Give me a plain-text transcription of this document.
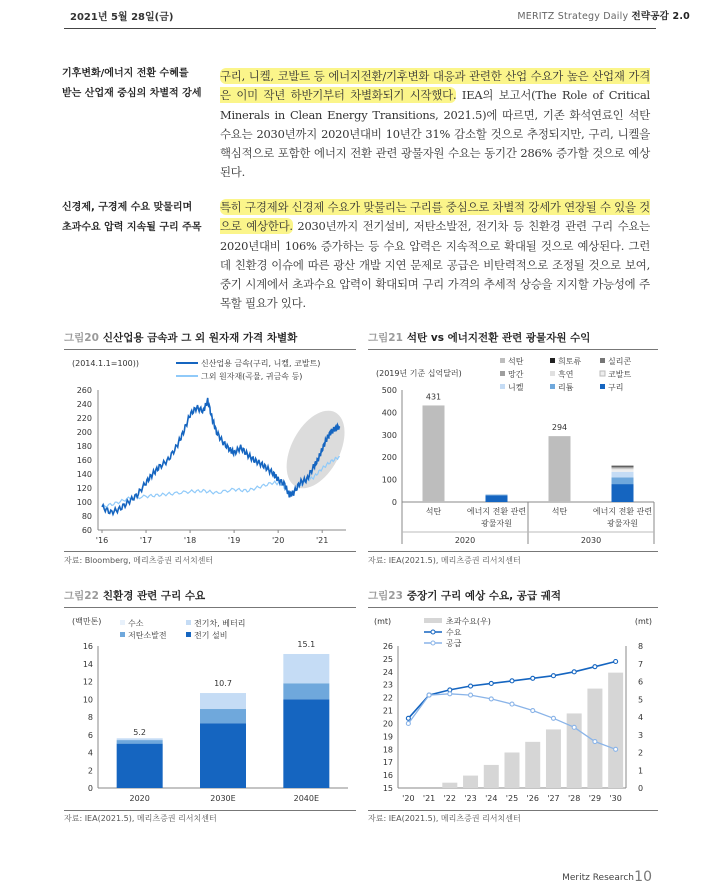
2021년 5월 28일(금)	MERITZ Strategy Daily 전략공감 2.0
기후변화/에너지 전환 수혜를
받는 산업재 중심의 차별적 강세
구리, 니켈, 코발트 등 에너지전환/기후변화 대응과 관련한 산업 수요가 높은 산업재 가격은 이미 작년 하반기부터 차별화되기 시작했다. IEA의 보고서(The Role of Critical Minerals in Clean Energy Transitions, 2021.5)에 따르면, 기존 화석연료인 석탄 수요는 2030년까지 2020년대비 10년간 31% 감소할 것으로 추정되지만, 구리, 니켈을 핵심적으로 포함한 에너지 전환 관련 광물자원 수요는 동기간 286% 증가할 것으로 예상된다.
신경제, 구경제 수요 맞물리며
초과수요 압력 지속될 구리 주목
특히 구경제와 신경제 수요가 맞물리는 구리를 중심으로 차별적 강세가 연장될 수 있을 것으로 예상한다. 2030년까지 전기설비, 저탄소발전, 전기차 등 친환경 관련 구리 수요는 2020년대비 106% 증가하는 등 수요 압력은 지속적으로 확대될 것으로 예상된다. 그런데 친환경 이슈에 따른 광산 개발 지연 문제로 공급은 비탄력적으로 조정될 것으로 보여, 중기 시계에서 초과수요 압력이 확대되며 구리 가격의 추세적 상승을 지지할 가능성에 주목할 필요가 있다.
그림20 신산업용 금속과 그 외 원자재 가격 차별화	그림21 석탄 vs 에너지전환 관련 광물자원 수익
그림22 친환경 관련 구리 수요	그림23 중장기 구리 예상 수요, 공급 궤적
(2014.1.1=100))	신산업용 금속(구리, 니켈, 코발트)
그외 원자재(곡물, 귀금속 등)
60
80
100
120
140
160
180
200
220
240
260
'16	'17	'18	'19	'20	'21
(2019년 기준 십억달러)
석탄	희토류	실리콘
망간	흑연	코발트
니켈	리튬	구리
0
100
200
300
400
500
431
석탄	에너지 전환 관련
광물자원
294
석탄	에너지 전환 관련
광물자원
2020	2030
(백만톤)	수소	전기차, 베터리
저탄소발전	전기 설비
0
2
4
6
8
10
12
14
16
5.2
2020
10.7
2030E
15.1
2040E
(mt)	(mt)
초과수요(우)
수요
공급
15
16
17
18
19
20
21
22
23
24
25
26
0
1
2
3
4
5
6
7
8
'20 '21 '22 '23 '24 '25 '26 '27 '28 '29 '30
자료: Bloomberg, 메리츠증권 리서치센터	자료: IEA(2021.5), 메리츠증권 리서치센터
자료: IEA(2021.5), 메리츠증권 리서치센터	자료: IEA(2021.5), 메리츠증권 리서치센터
Meritz Research 10
